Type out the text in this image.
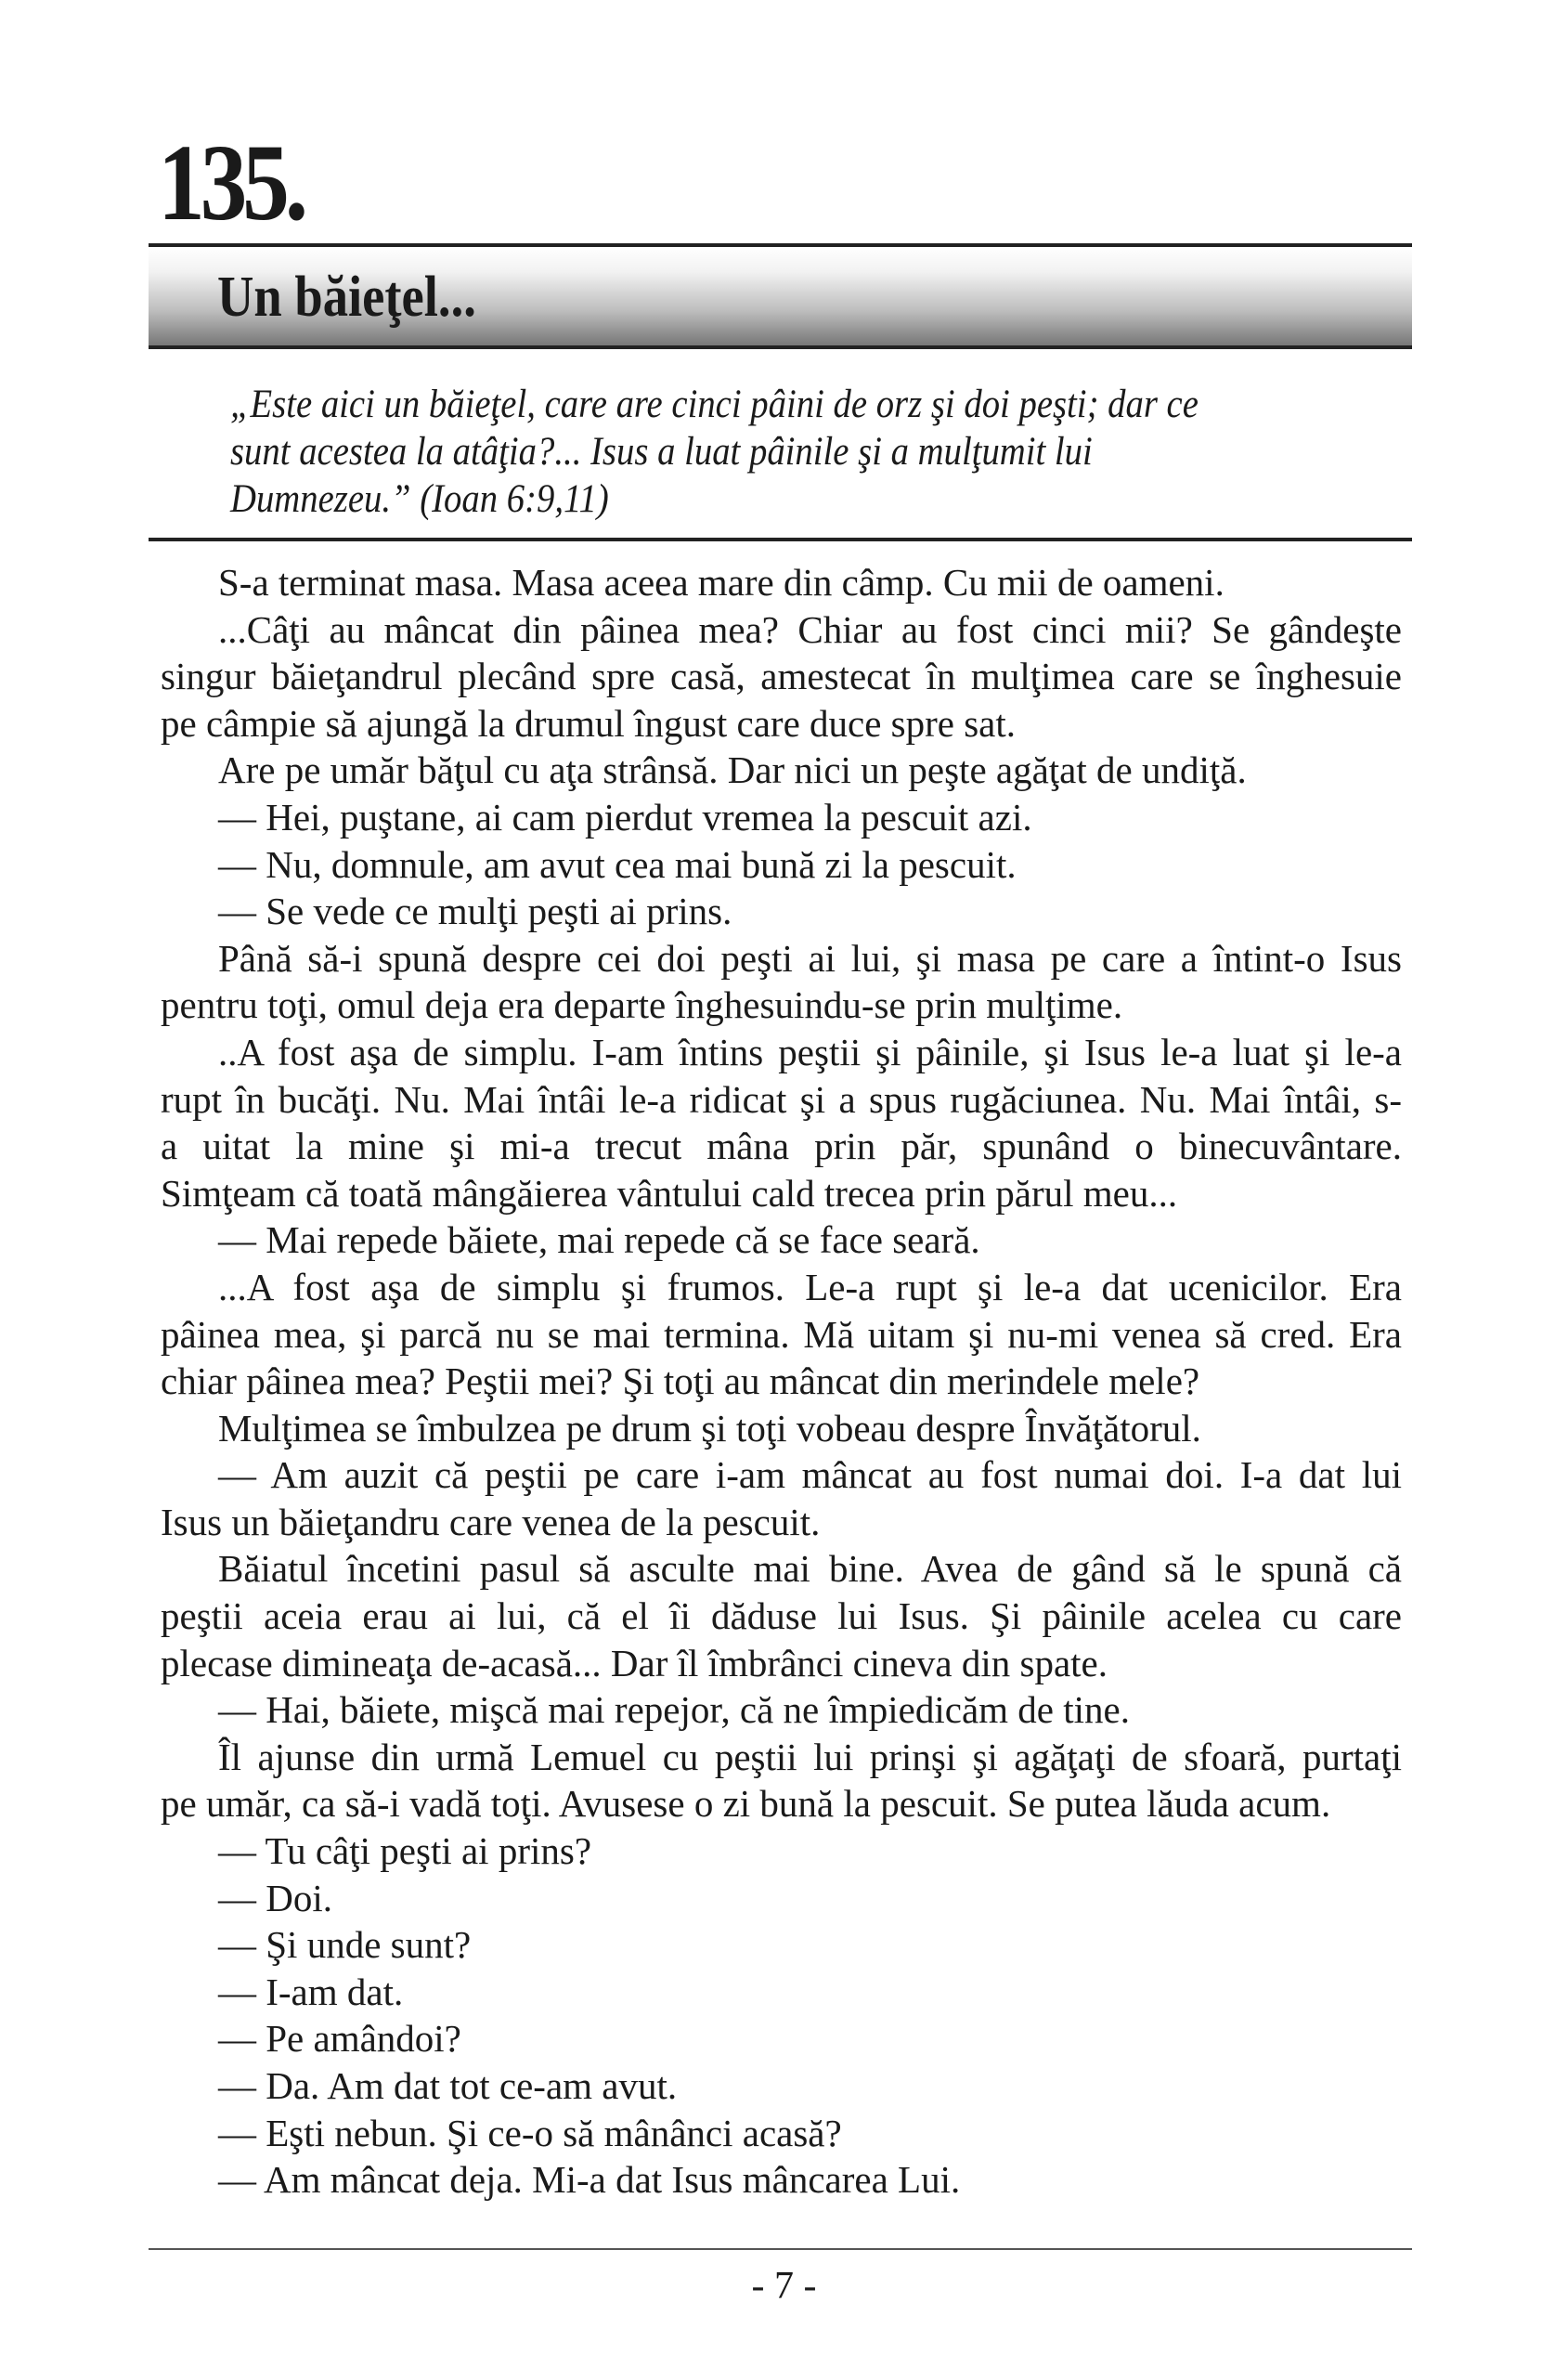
135.
Un băieţel...
„Este aici un băieţel, care are cinci pâini de orz şi doi peşti; dar ce
sunt acestea la atâţia?... Isus a luat pâinile şi a mulţumit lui
Dumnezeu.” (Ioan 6:9,11)
S-a terminat masa. Masa aceea mare din câmp. Cu mii de oameni.
...Câţi au mâncat din pâinea mea? Chiar au fost cinci mii? Se gândeşte
singur băieţandrul plecând spre casă, amestecat în mulţimea care se înghesuie
pe câmpie să ajungă la drumul îngust care duce spre sat.
Are pe umăr băţul cu aţa strânsă. Dar nici un peşte agăţat de undiţă.
— Hei, puştane, ai cam pierdut vremea la pescuit azi.
— Nu, domnule, am avut cea mai bună zi la pescuit.
— Se vede ce mulţi peşti ai prins.
Până să-i spună despre cei doi peşti ai lui, şi masa pe care a întint-o Isus
pentru toţi, omul deja era departe înghesuindu-se prin mulţime.
..A fost aşa de simplu. I-am întins peştii şi pâinile, şi Isus le-a luat şi le-a
rupt în bucăţi. Nu. Mai întâi le-a ridicat şi a spus rugăciunea. Nu. Mai întâi, s-
a uitat la mine şi mi-a trecut mâna prin păr, spunând o binecuvântare.
Simţeam că toată mângăierea vântului cald trecea prin părul meu...
— Mai repede băiete, mai repede că se face seară.
...A fost aşa de simplu şi frumos. Le-a rupt şi le-a dat ucenicilor. Era
pâinea mea, şi parcă nu se mai termina. Mă uitam şi nu-mi venea să cred. Era
chiar pâinea mea? Peştii mei? Şi toţi au mâncat din merindele mele?
Mulţimea se îmbulzea pe drum şi toţi vobeau despre Învăţătorul.
— Am auzit că peştii pe care i-am mâncat au fost numai doi. I-a dat lui
Isus un băieţandru care venea de la pescuit.
Băiatul încetini pasul să asculte mai bine. Avea de gând să le spună că
peştii aceia erau ai lui, că el îi dăduse lui Isus. Şi pâinile acelea cu care
plecase dimineaţa de-acasă... Dar îl îmbrânci cineva din spate.
— Hai, băiete, mişcă mai repejor, că ne împiedicăm de tine.
Îl ajunse din urmă Lemuel cu peştii lui prinşi şi agăţaţi de sfoară, purtaţi
pe umăr, ca să-i vadă toţi. Avusese o zi bună la pescuit. Se putea lăuda acum.
— Tu câţi peşti ai prins?
— Doi.
— Şi unde sunt?
— I-am dat.
— Pe amândoi?
— Da. Am dat tot ce-am avut.
— Eşti nebun. Şi ce-o să mânânci acasă?
— Am mâncat deja. Mi-a dat Isus mâncarea Lui.
- 7 -
